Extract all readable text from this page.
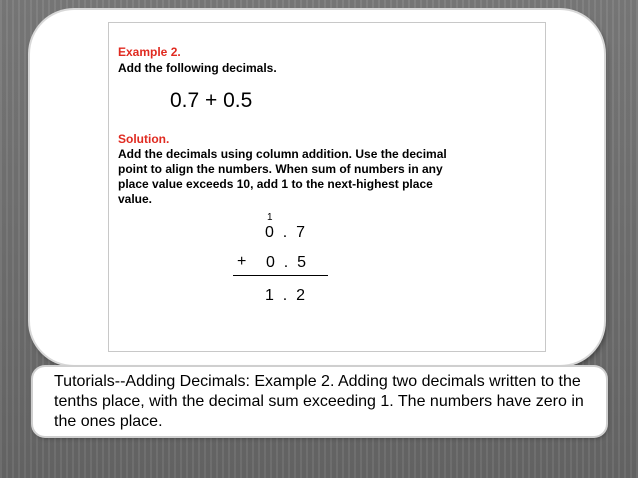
Example 2.
Add the following decimals.
0.7 + 0.5
Solution.
Add the decimals using column addition. Use the decimal point to align the numbers. When sum of numbers in any place value exceeds 10, add 1 to the next-highest place value.
1
0  .  7
+ 0  .  5
1  .  2
Tutorials--Adding Decimals: Example 2. Adding two decimals written to the tenths place, with the decimal sum exceeding 1. The numbers have zero in the ones place.
